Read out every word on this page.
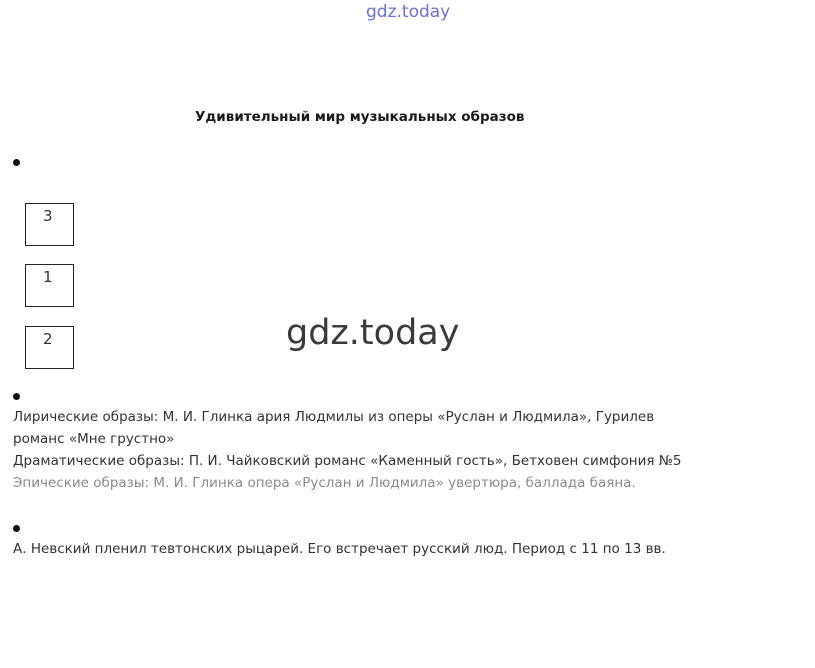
gdz.today
Удивительный мир музыкальных образов
3
1
2	gdz.today
Лирические образы: М. И. Глинка ария Людмилы из оперы «Руслан и Людмила», Гурилев
романс «Мне грустно»
Драматические образы: П. И. Чайковский романс «Каменный гость», Бетховен симфония №5
Эпические образы: М. И. Глинка опера «Руслан и Людмила» увертюра, баллада баяна.
А. Невский пленил тевтонских рыцарей. Его встречает русский люд. Период с 11 по 13 вв.
